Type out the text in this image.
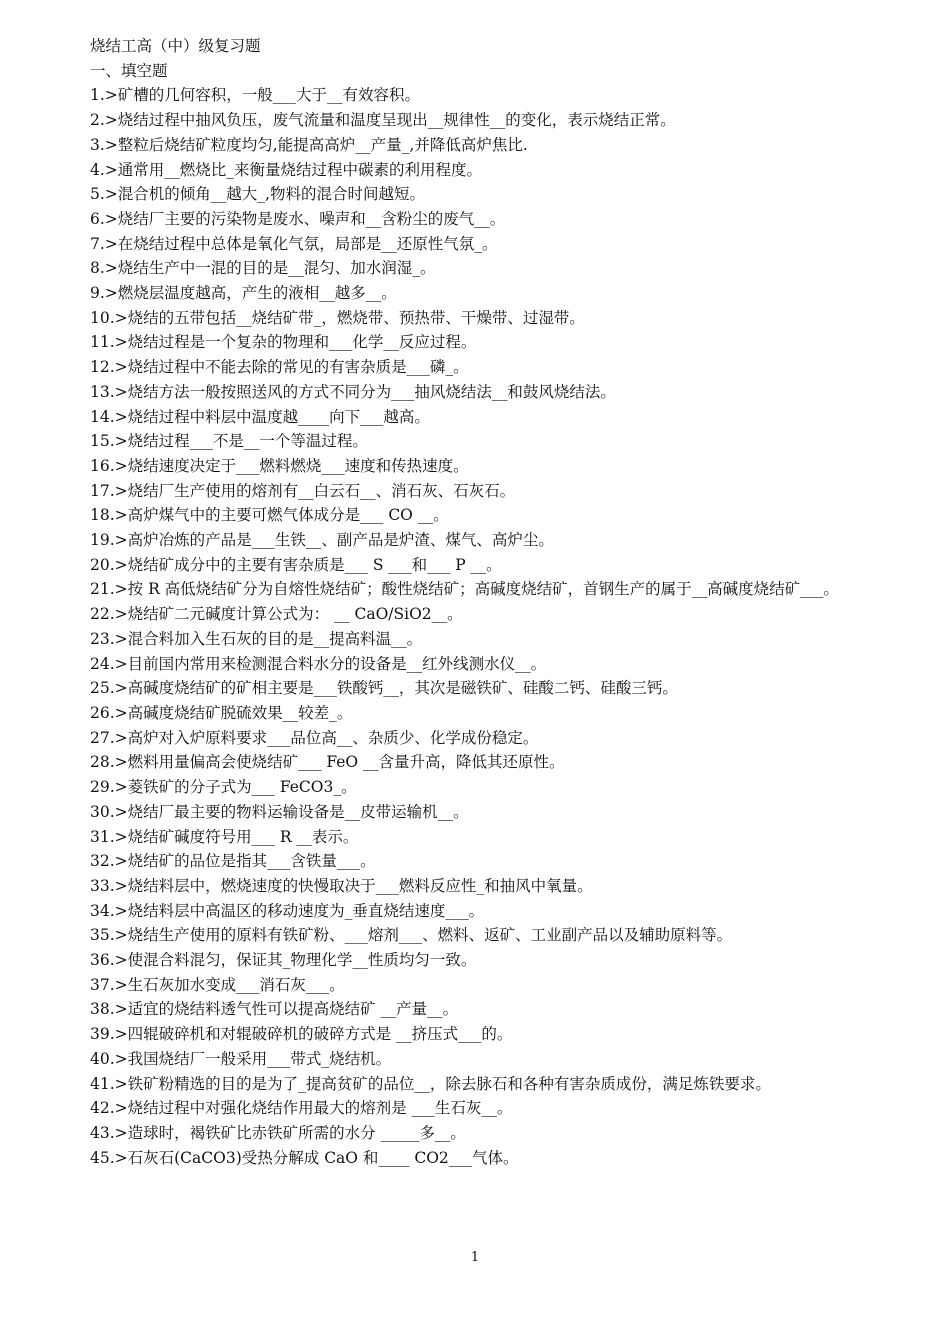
烧结工高（中）级复习题
一、填空题
1.>矿槽的几何容积，一般___大于__有效容积。
2.>烧结过程中抽风负压，废气流量和温度呈现出__规律性__的变化，表示烧结正常。
3.>整粒后烧结矿粒度均匀,能提高高炉__产量_,并降低高炉焦比.
4.>通常用__燃烧比_来衡量烧结过程中碳素的利用程度。
5.>混合机的倾角__越大_,物料的混合时间越短。
6.>烧结厂主要的污染物是废水、噪声和__含粉尘的废气__。
7.>在烧结过程中总体是氧化气氛，局部是__还原性气氛_。
8.>烧结生产中一混的目的是__混匀、加水润湿_。
9.>燃烧层温度越高，产生的液相__越多__。
10.>烧结的五带包括__烧结矿带_，燃烧带、预热带、干燥带、过湿带。
11.>烧结过程是一个复杂的物理和___化学__反应过程。
12.>烧结过程中不能去除的常见的有害杂质是___磷_。
13.>烧结方法一般按照送风的方式不同分为___抽风烧结法__和鼓风烧结法。
14.>烧结过程中料层中温度越____向下___越高。
15.>烧结过程___不是__一个等温过程。
16.>烧结速度决定于___燃料燃烧___速度和传热速度。
17.>烧结厂生产使用的熔剂有__白云石__、消石灰、石灰石。
18.>高炉煤气中的主要可燃气体成分是___ CO __。
19.>高炉冶炼的产品是___生铁__、副产品是炉渣、煤气、高炉尘。
20.>烧结矿成分中的主要有害杂质是___ S ___和___ P __。
21.>按 R 高低烧结矿分为自熔性烧结矿；酸性烧结矿；高碱度烧结矿，首钢生产的属于__高碱度烧结矿___。
22.>烧结矿二元碱度计算公式为： __ CaO/SiO2__。
23.>混合料加入生石灰的目的是__提高料温__。
24.>目前国内常用来检测混合料水分的设备是__红外线测水仪__。
25.>高碱度烧结矿的矿相主要是___铁酸钙__，其次是磁铁矿、硅酸二钙、硅酸三钙。
26.>高碱度烧结矿脱硫效果__较差_。
27.>高炉对入炉原料要求___品位高__、杂质少、化学成份稳定。
28.>燃料用量偏高会使烧结矿___ FeO __含量升高，降低其还原性。
29.>菱铁矿的分子式为___ FeCO3_。
30.>烧结厂最主要的物料运输设备是__皮带运输机__。
31.>烧结矿碱度符号用___ R __表示。
32.>烧结矿的品位是指其___含铁量___。
33.>烧结料层中，燃烧速度的快慢取决于___燃料反应性_和抽风中氧量。
34.>烧结料层中高温区的移动速度为_垂直烧结速度___。
35.>烧结生产使用的原料有铁矿粉、___熔剂___、燃料、返矿、工业副产品以及辅助原料等。
36.>使混合料混匀，保证其_物理化学__性质均匀一致。
37.>生石灰加水变成___消石灰___。
38.>适宜的烧结料透气性可以提高烧结矿 __产量__。
39.>四辊破碎机和对辊破碎机的破碎方式是 __挤压式___的。
40.>我国烧结厂一般采用___带式_烧结机。
41.>铁矿粉精选的目的是为了_提高贫矿的品位__，除去脉石和各种有害杂质成份，满足炼铁要求。
42.>烧结过程中对强化烧结作用最大的熔剂是 ___生石灰__。
43.>造球时，褐铁矿比赤铁矿所需的水分 _____多__。
45.>石灰石(CaCO3)受热分解成 CaO 和____ CO2___气体。
1
